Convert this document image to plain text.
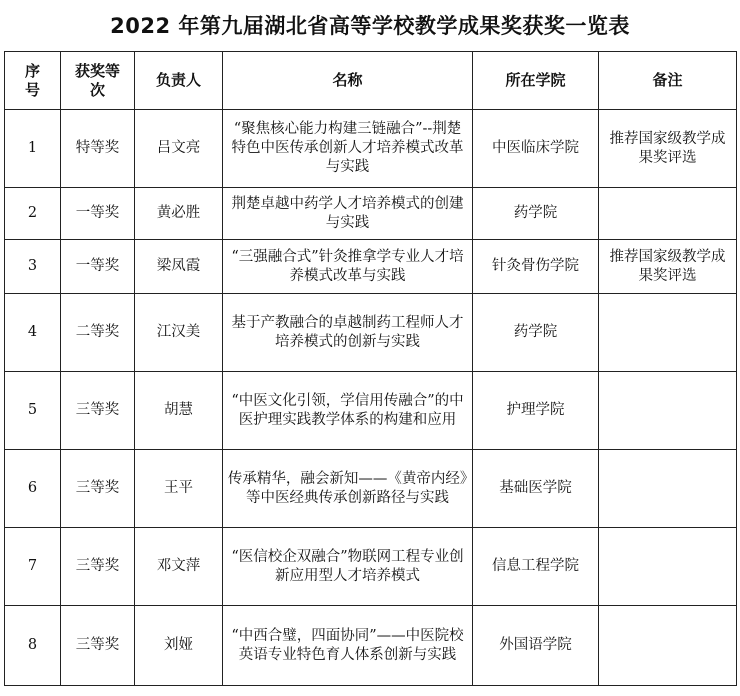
2022 年第九届湖北省高等学校教学成果奖获奖一览表
序号	获奖等次	负责人	名称	所在学院	备注
1	特等奖	吕文亮	“聚焦核心能力构建三链融合”--荆楚特色中医传承创新人才培养模式改革与实践	中医临床学院	推荐国家级教学成果奖评选
2	一等奖	黄必胜	荆楚卓越中药学人才培养模式的创建与实践	药学院	
3	一等奖	梁凤霞	“三强融合式”针灸推拿学专业人才培养模式改革与实践	针灸骨伤学院	推荐国家级教学成果奖评选
4	二等奖	江汉美	基于产教融合的卓越制药工程师人才培养模式的创新与实践	药学院	
5	三等奖	胡慧	“中医文化引领，学信用传融合”的中医护理实践教学体系的构建和应用	护理学院	
6	三等奖	王平	传承精华，融会新知——《黄帝内经》等中医经典传承创新路径与实践	基础医学院	
7	三等奖	邓文萍	“医信校企双融合”物联网工程专业创新应用型人才培养模式	信息工程学院	
8	三等奖	刘娅	“中西合璧，四面协同”——中医院校英语专业特色育人体系创新与实践	外国语学院	
